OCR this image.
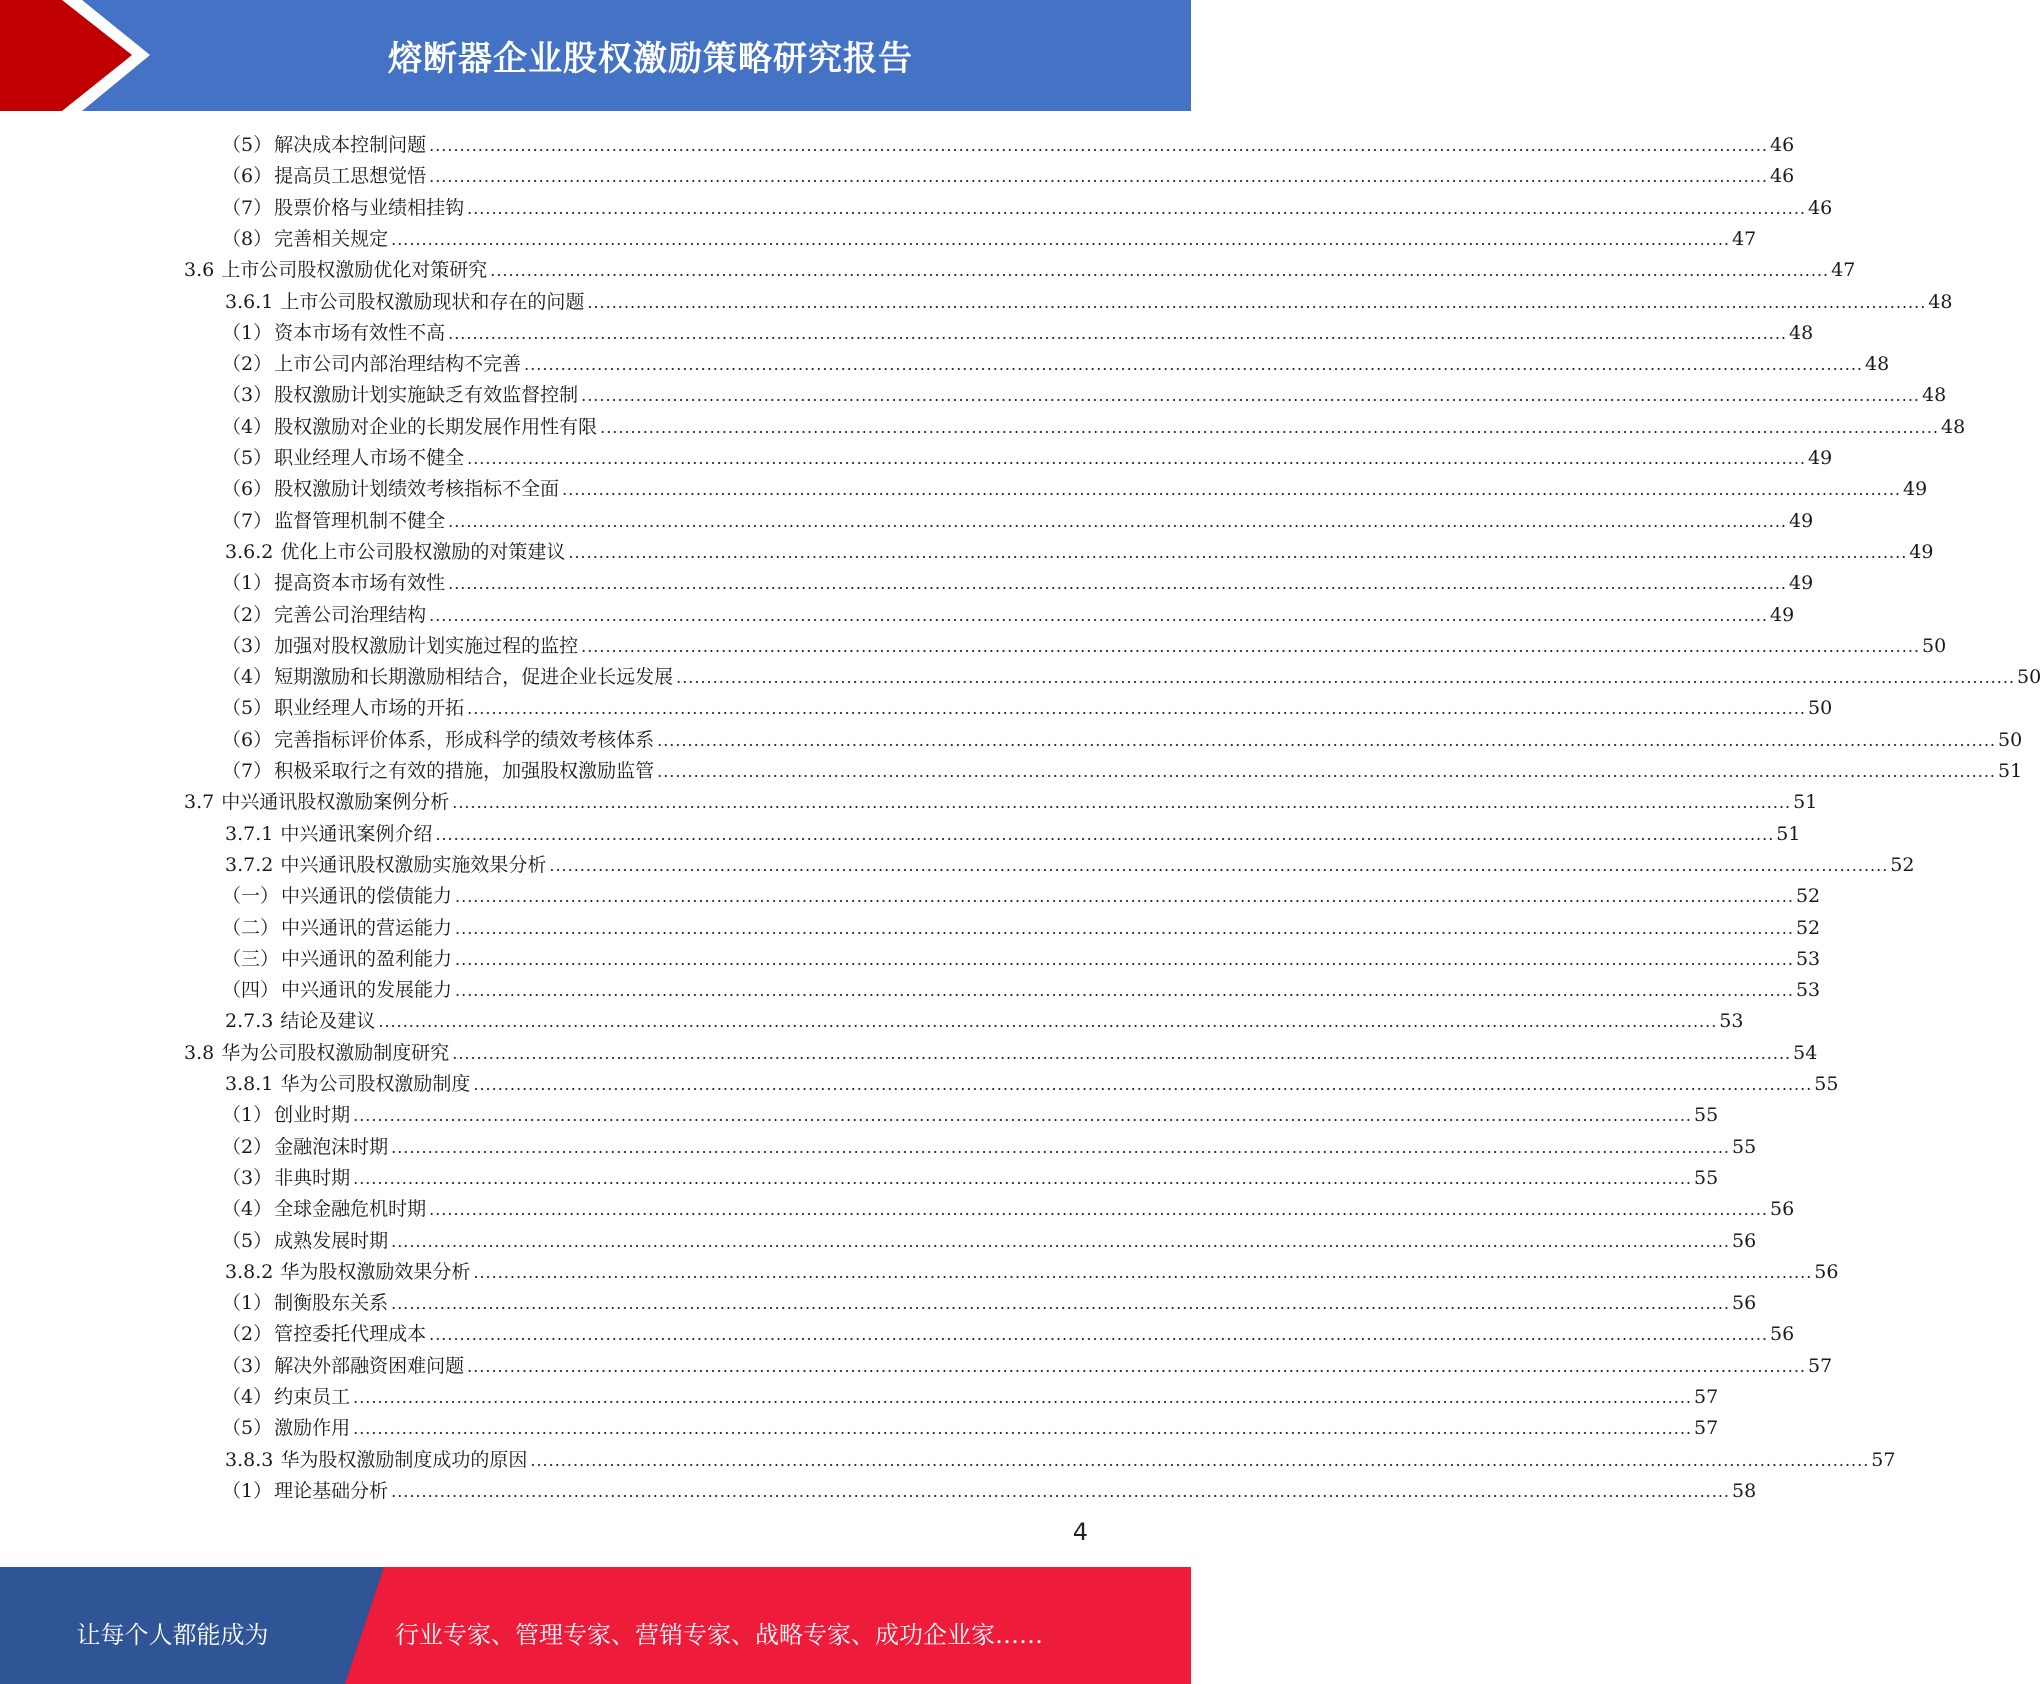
熔断器企业股权激励策略研究报告
（5） 解决成本控制问题 ............................................................................................................................................................................................................................ 46
（6） 提高员工思想觉悟 ............................................................................................................................................................................................................................ 46
（7） 股票价格与业绩相挂钩 ............................................................................................................................................................................................................................ 46
（8） 完善相关规定 ............................................................................................................................................................................................................................ 47
3.6 上市公司股权激励优化对策研究 ............................................................................................................................................................................................................................ 47
3.6.1 上市公司股权激励现状和存在的问题 ............................................................................................................................................................................................................................ 48
（1） 资本市场有效性不高 ............................................................................................................................................................................................................................ 48
（2） 上市公司内部治理结构不完善 ............................................................................................................................................................................................................................ 48
（3） 股权激励计划实施缺乏有效监督控制 ............................................................................................................................................................................................................................ 48
（4） 股权激励对企业的长期发展作用性有限 ............................................................................................................................................................................................................................ 48
（5） 职业经理人市场不健全 ............................................................................................................................................................................................................................ 49
（6） 股权激励计划绩效考核指标不全面 ............................................................................................................................................................................................................................ 49
（7） 监督管理机制不健全 ............................................................................................................................................................................................................................ 49
3.6.2 优化上市公司股权激励的对策建议 ............................................................................................................................................................................................................................ 49
（1） 提高资本市场有效性 ............................................................................................................................................................................................................................ 49
（2） 完善公司治理结构 ............................................................................................................................................................................................................................ 49
（3） 加强对股权激励计划实施过程的监控 ............................................................................................................................................................................................................................ 50
（4） 短期激励和长期激励相结合，促进企业长远发展 ............................................................................................................................................................................................................................ 50
（5） 职业经理人市场的开拓 ............................................................................................................................................................................................................................ 50
（6） 完善指标评价体系，形成科学的绩效考核体系 ............................................................................................................................................................................................................................ 50
（7） 积极采取行之有效的措施，加强股权激励监管 ............................................................................................................................................................................................................................ 51
3.7 中兴通讯股权激励案例分析 ............................................................................................................................................................................................................................ 51
3.7.1 中兴通讯案例介绍 ............................................................................................................................................................................................................................ 51
3.7.2 中兴通讯股权激励实施效果分析 ............................................................................................................................................................................................................................ 52
（一） 中兴通讯的偿债能力 ............................................................................................................................................................................................................................ 52
（二） 中兴通讯的营运能力 ............................................................................................................................................................................................................................ 52
（三） 中兴通讯的盈利能力 ............................................................................................................................................................................................................................ 53
（四） 中兴通讯的发展能力 ............................................................................................................................................................................................................................ 53
2.7.3 结论及建议 ............................................................................................................................................................................................................................ 53
3.8 华为公司股权激励制度研究 ............................................................................................................................................................................................................................ 54
3.8.1 华为公司股权激励制度 ............................................................................................................................................................................................................................ 55
（1） 创业时期 ............................................................................................................................................................................................................................ 55
（2） 金融泡沫时期 ............................................................................................................................................................................................................................ 55
（3） 非典时期 ............................................................................................................................................................................................................................ 55
（4） 全球金融危机时期 ............................................................................................................................................................................................................................ 56
（5） 成熟发展时期 ............................................................................................................................................................................................................................ 56
3.8.2 华为股权激励效果分析 ............................................................................................................................................................................................................................ 56
（1） 制衡股东关系 ............................................................................................................................................................................................................................ 56
（2） 管控委托代理成本 ............................................................................................................................................................................................................................ 56
（3） 解决外部融资困难问题 ............................................................................................................................................................................................................................ 57
（4） 约束员工 ............................................................................................................................................................................................................................ 57
（5） 激励作用 ............................................................................................................................................................................................................................ 57
3.8.3 华为股权激励制度成功的原因 ............................................................................................................................................................................................................................ 57
（1） 理论基础分析 ............................................................................................................................................................................................................................ 58
4
让每个人都能成为	行业专家、管理专家、营销专家、战略专家、成功企业家……
